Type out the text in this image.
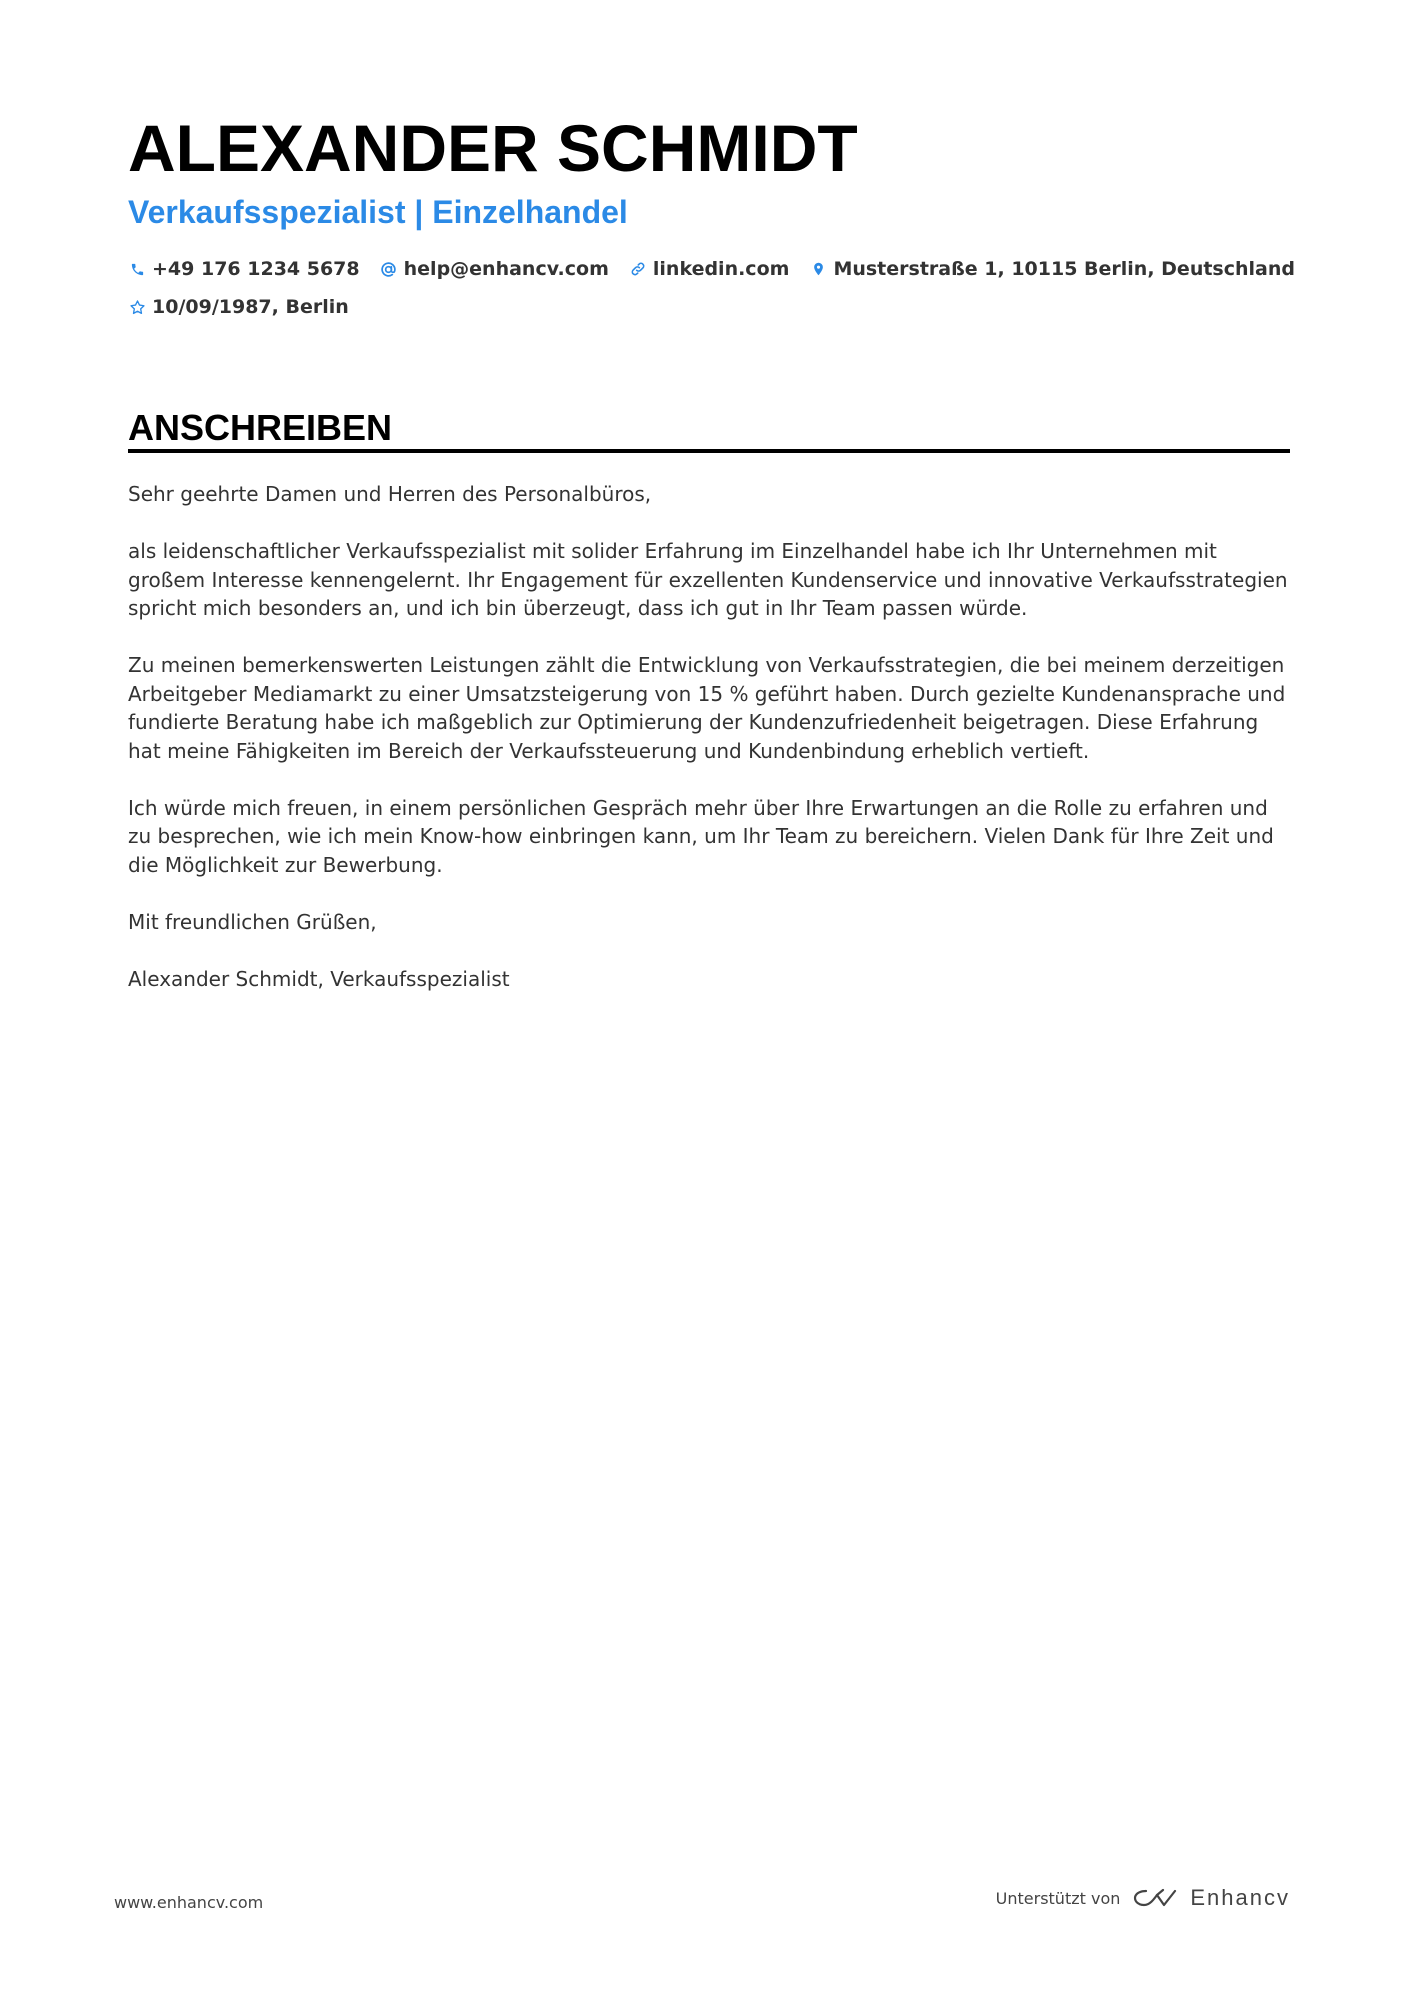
ALEXANDER SCHMIDT
Verkaufsspezialist | Einzelhandel
+49 176 1234 5678 help@enhancv.com linkedin.com Musterstraße 1, 10115 Berlin, Deutschland
10/09/1987, Berlin
ANSCHREIBEN

Sehr geehrte Damen und Herren des Personalbüros,

als leidenschaftlicher Verkaufsspezialist mit solider Erfahrung im Einzelhandel habe ich Ihr Unternehmen mit großem Interesse kennengelernt. Ihr Engagement für exzellenten Kundenservice und innovative Verkaufsstrategien spricht mich besonders an, und ich bin überzeugt, dass ich gut in Ihr Team passen würde.

Zu meinen bemerkenswerten Leistungen zählt die Entwicklung von Verkaufsstrategien, die bei meinem derzeitigen Arbeitgeber Mediamarkt zu einer Umsatzsteigerung von 15 % geführt haben. Durch gezielte Kundenansprache und fundierte Beratung habe ich maßgeblich zur Optimierung der Kundenzufriedenheit beigetragen. Diese Erfahrung hat meine Fähigkeiten im Bereich der Verkaufssteuerung und Kundenbindung erheblich vertieft.

Ich würde mich freuen, in einem persönlichen Gespräch mehr über Ihre Erwartungen an die Rolle zu erfahren und zu besprechen, wie ich mein Know-how einbringen kann, um Ihr Team zu bereichern. Vielen Dank für Ihre Zeit und die Möglichkeit zur Bewerbung.

Mit freundlichen Grüßen,

Alexander Schmidt, Verkaufsspezialist

www.enhancv.com	Unterstützt von	Enhancv
